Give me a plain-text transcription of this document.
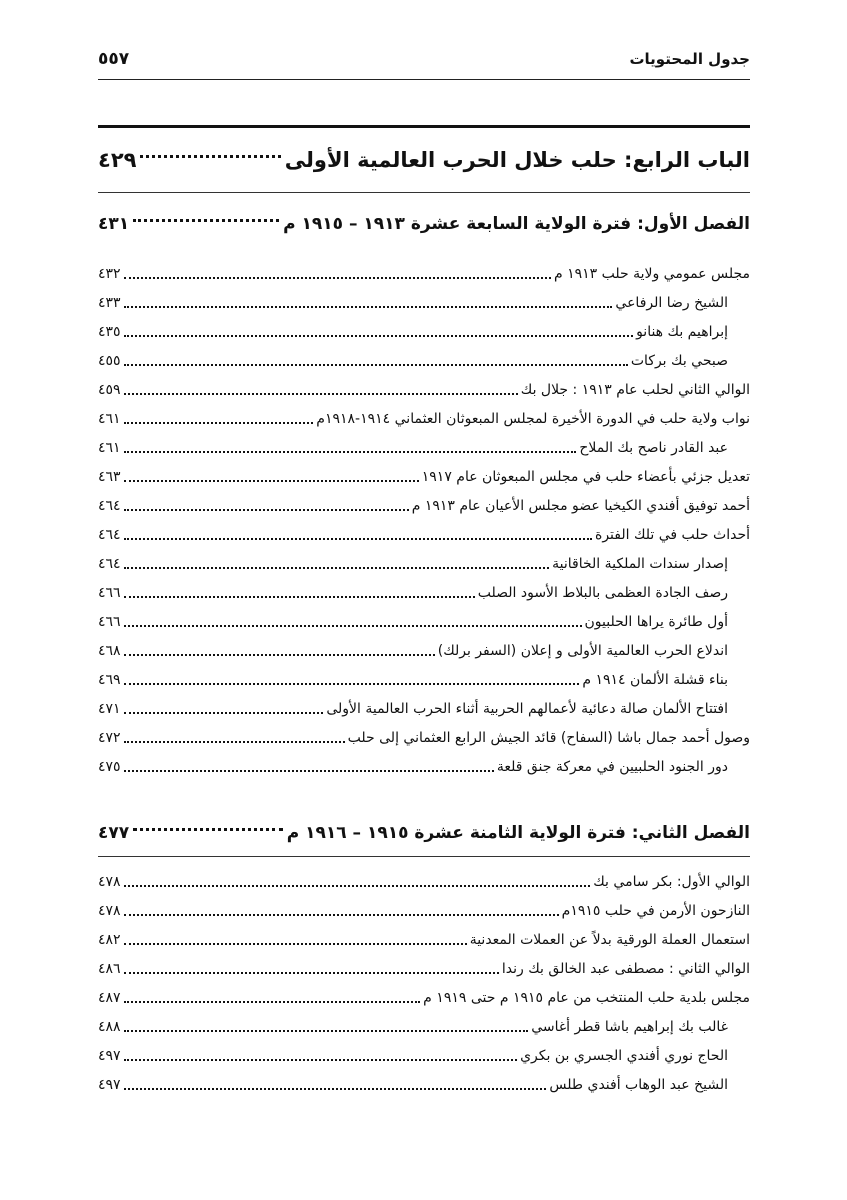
جدول المحتويات
٥٥٧
الباب الرابع: حلب خلال الحرب العالمية الأولى
٤٢٩
الفصل الأول: فترة الولاية السابعة عشرة ١٩١٣ – ١٩١٥ م
٤٣١
مجلس عمومي ولاية حلب ١٩١٣ م
٤٣٢
الشيخ رضا الرفاعي
٤٣٣
إبراهيم بك هنانو
٤٣٥
صبحي بك بركات
٤٥٥
الوالي الثاني لحلب عام ١٩١٣ : جلال بك
٤٥٩
نواب ولاية حلب في الدورة الأخيرة لمجلس المبعوثان العثماني ١٩١٤-١٩١٨م
٤٦١
عبد القادر ناصح بك الملاح
٤٦١
تعديل جزئي بأعضاء حلب في مجلس المبعوثان عام ١٩١٧
٤٦٣
أحمد توفيق أفندي الكيخيا عضو مجلس الأعيان عام ١٩١٣ م
٤٦٤
أحداث حلب في تلك الفترة
٤٦٤
إصدار سندات الملكية الخاقانية
٤٦٤
رصف الجادة العظمى بالبلاط الأسود الصلب
٤٦٦
أول طائرة يراها الحلبيون
٤٦٦
اندلاع الحرب العالمية الأولى و إعلان (السفر برلك)
٤٦٨
بناء قشلة الألمان ١٩١٤ م
٤٦٩
افتتاح الألمان صالة دعائية لأعمالهم الحربية أثناء الحرب العالمية الأولى
٤٧١
وصول أحمد جمال باشا (السفاح) قائد الجيش الرابع العثماني إلى حلب
٤٧٢
دور الجنود الحلبيين في معركة جنق قلعة
٤٧٥
الفصل الثاني: فترة الولاية الثامنة عشرة ١٩١٥ – ١٩١٦ م
٤٧٧
الوالي الأول: بكر سامي بك
٤٧٨
النازحون الأرمن في حلب ١٩١٥م
٤٧٨
استعمال العملة الورقية بدلاً عن العملات المعدنية
٤٨٢
الوالي الثاني : مصطفى عبد الخالق بك رندا
٤٨٦
مجلس بلدية حلب المنتخب من عام ١٩١٥ م حتى ١٩١٩ م
٤٨٧
غالب بك إبراهيم باشا قطر أغاسي
٤٨٨
الحاج نوري أفندي الجسري بن بكري
٤٩٧
الشيخ عبد الوهاب أفندي طلس
٤٩٧
